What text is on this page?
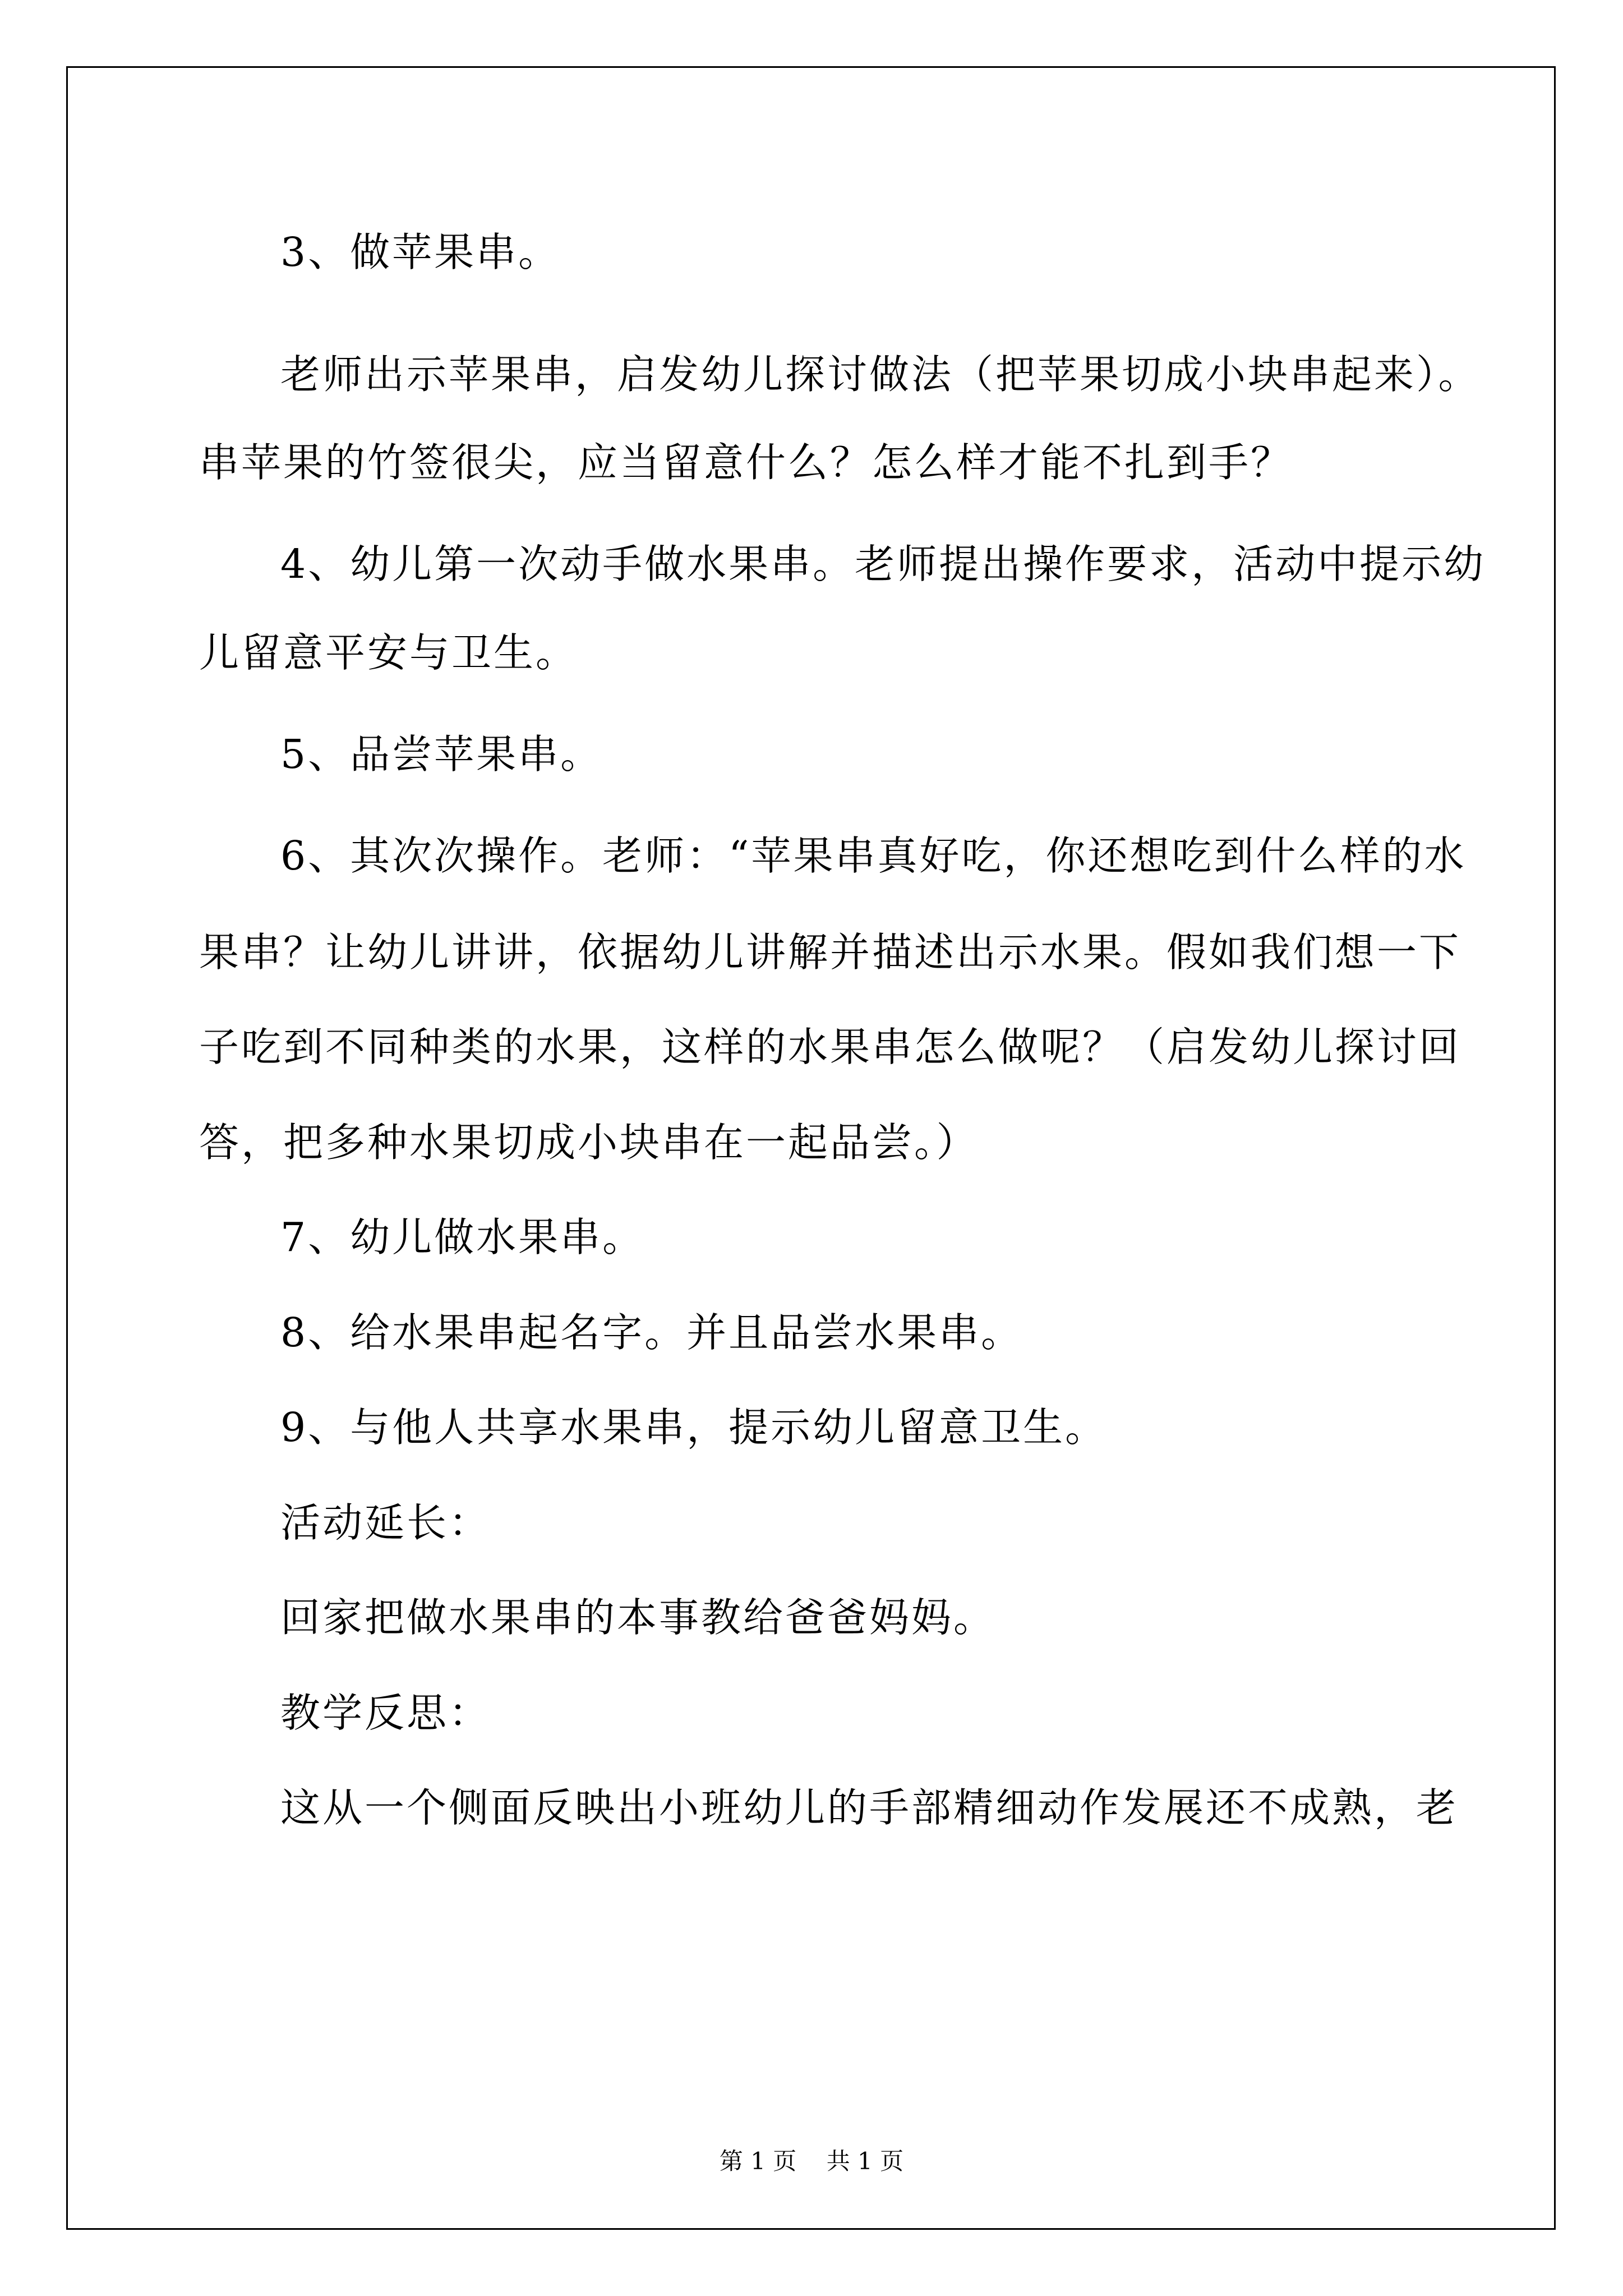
3、做苹果串。
老师出示苹果串，启发幼儿探讨做法（把苹果切成小块串起来）。
串苹果的竹签很尖，应当留意什么？怎么样才能不扎到手？
4、幼儿第一次动手做水果串。老师提出操作要求，活动中提示幼
儿留意平安与卫生。
5、品尝苹果串。
6、其次次操作。老师：“苹果串真好吃，你还想吃到什么样的水
果串？让幼儿讲讲，依据幼儿讲解并描述出示水果。假如我们想一下
子吃到不同种类的水果，这样的水果串怎么做呢？（启发幼儿探讨回
答，把多种水果切成小块串在一起品尝。）
7、幼儿做水果串。
8、给水果串起名字。并且品尝水果串。
9、与他人共享水果串，提示幼儿留意卫生。
活动延长：
回家把做水果串的本事教给爸爸妈妈。
教学反思：
这从一个侧面反映出小班幼儿的手部精细动作发展还不成熟，老
第 1 页    共 1 页
